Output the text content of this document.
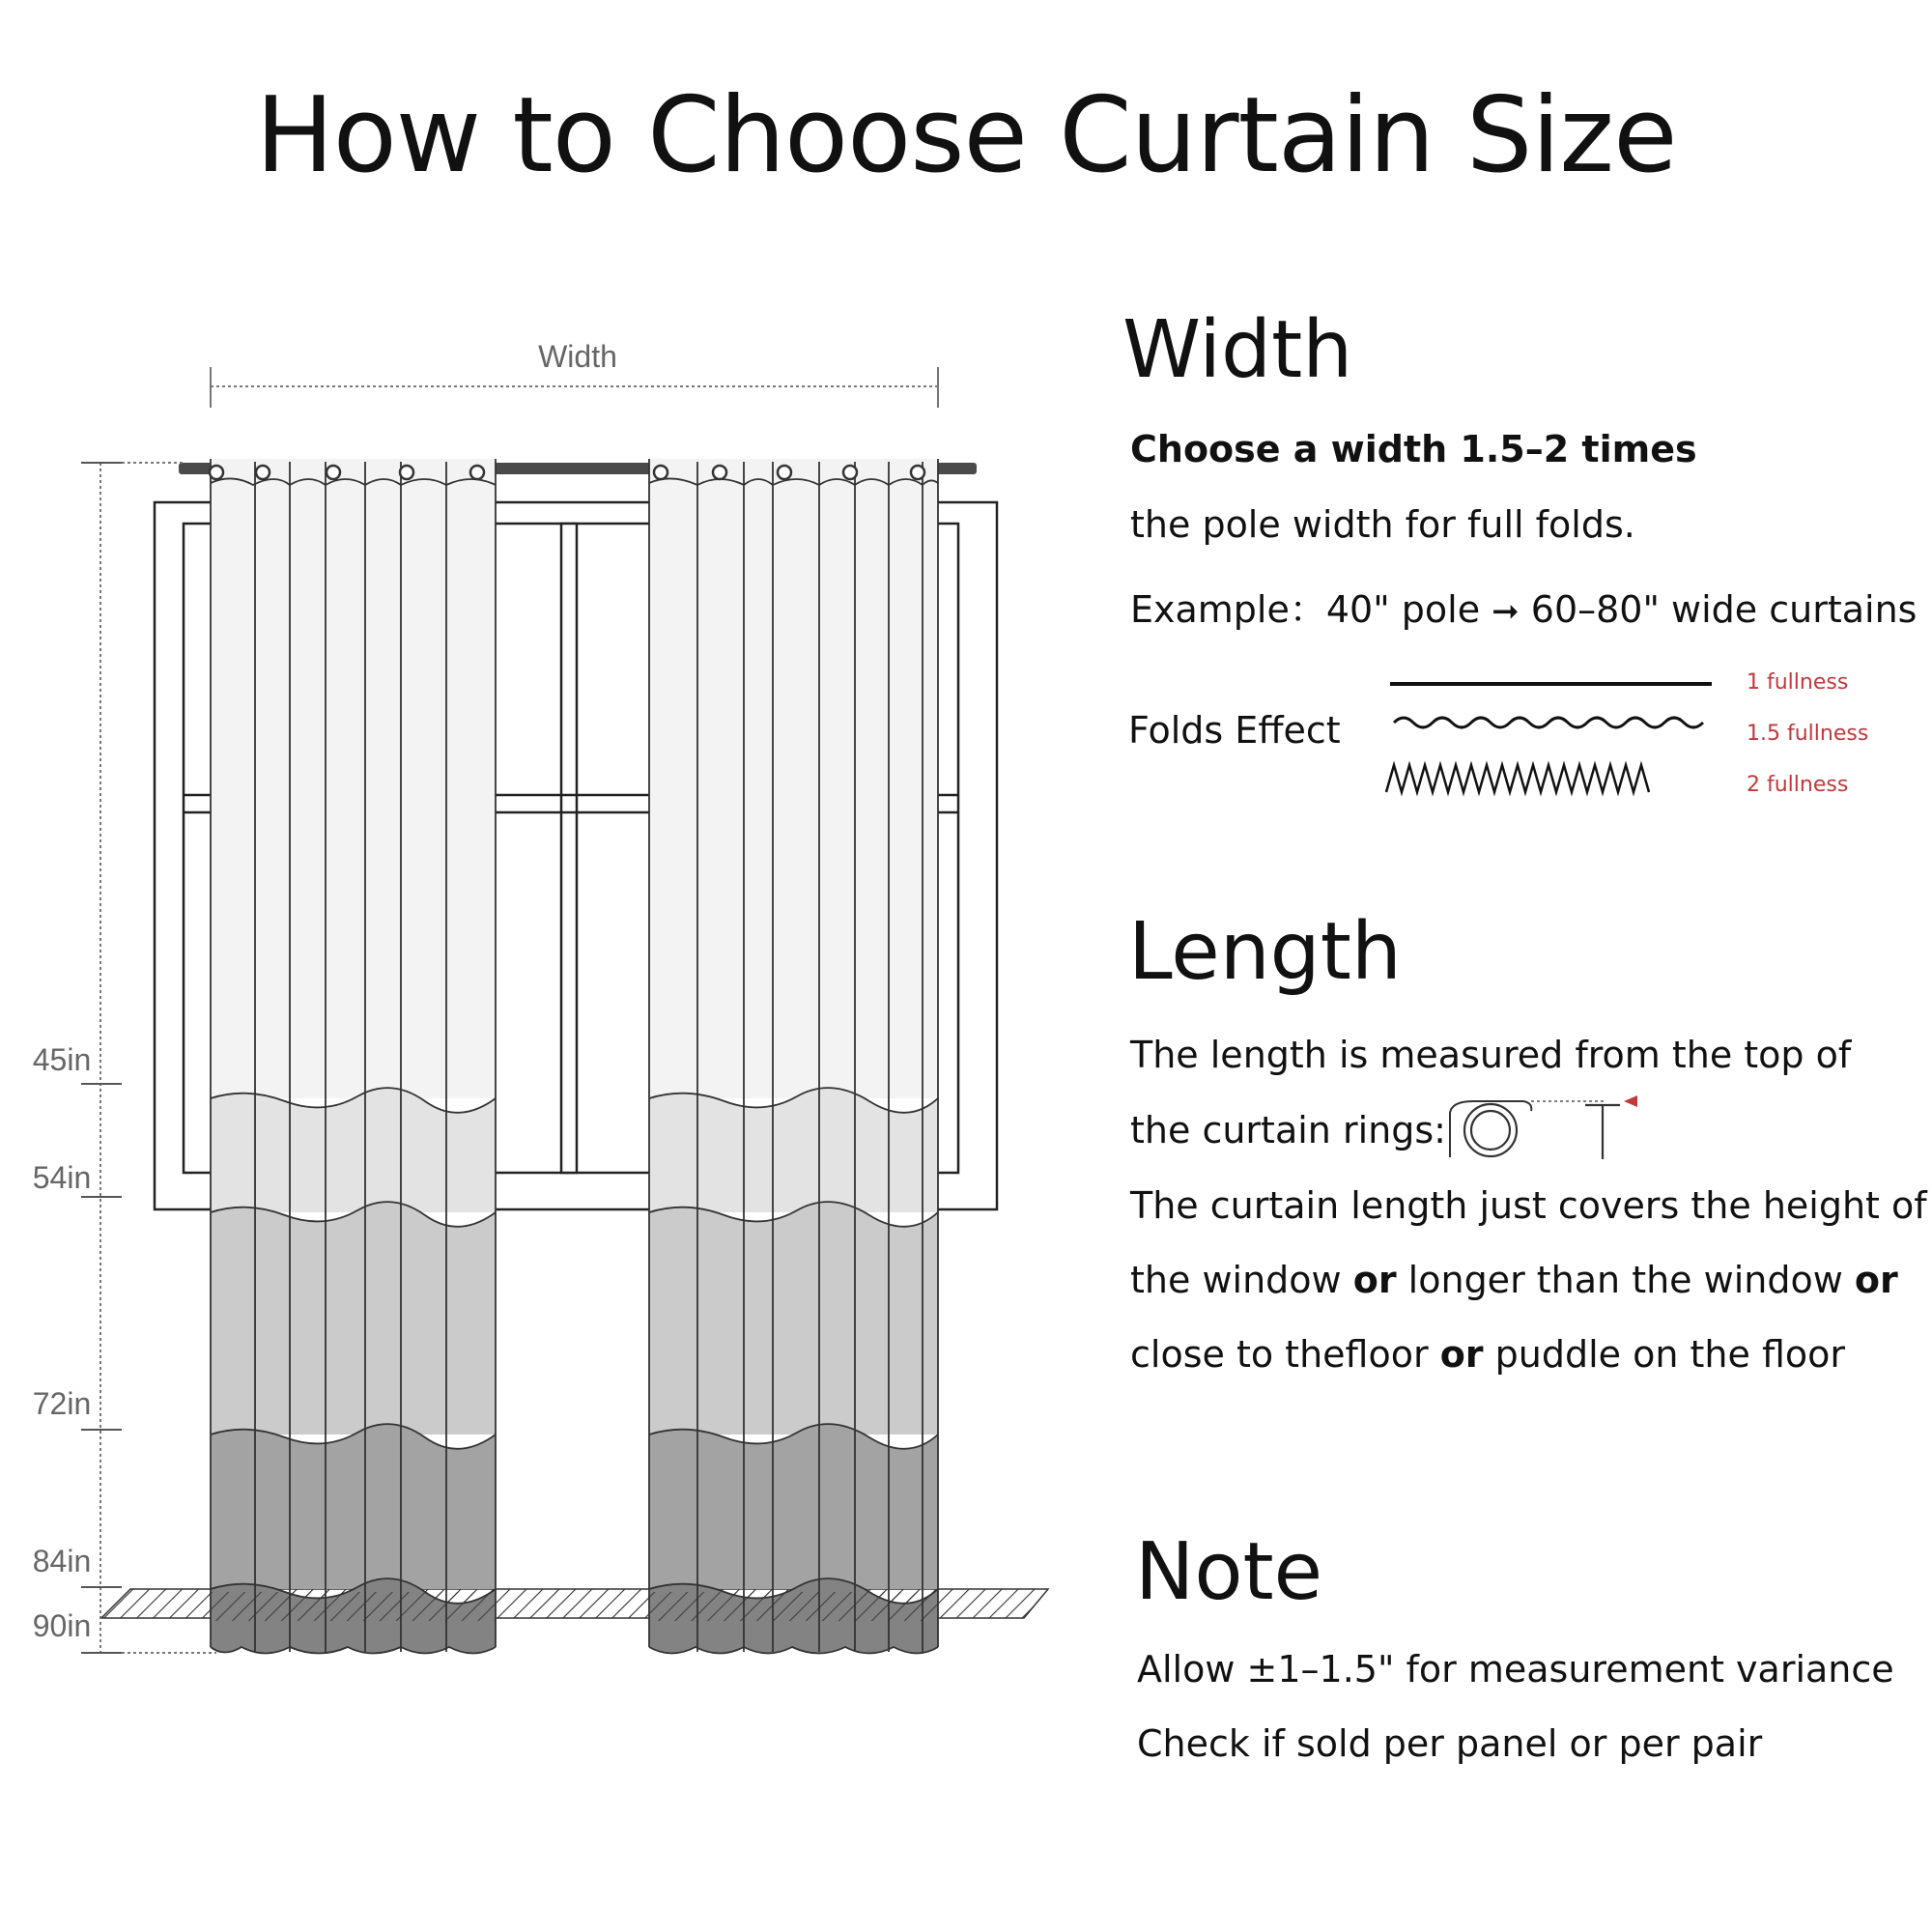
How to Choose Curtain Size
Width
45in
54in
72in
84in
90in
Width
Choose a width 1.5–2 times
the pole width for full folds.
Example：40" pole ➞ 60–80" wide curtains
Folds Effect
1 fullness
1.5 fullness
2 fullness
Length
The length is measured from the top of
the curtain rings:
The curtain length just covers the height of
the window or longer than the window or
close to thefloor or puddle on the floor
Note
Allow ±1–1.5" for measurement variance
Check if sold per panel or per pair
